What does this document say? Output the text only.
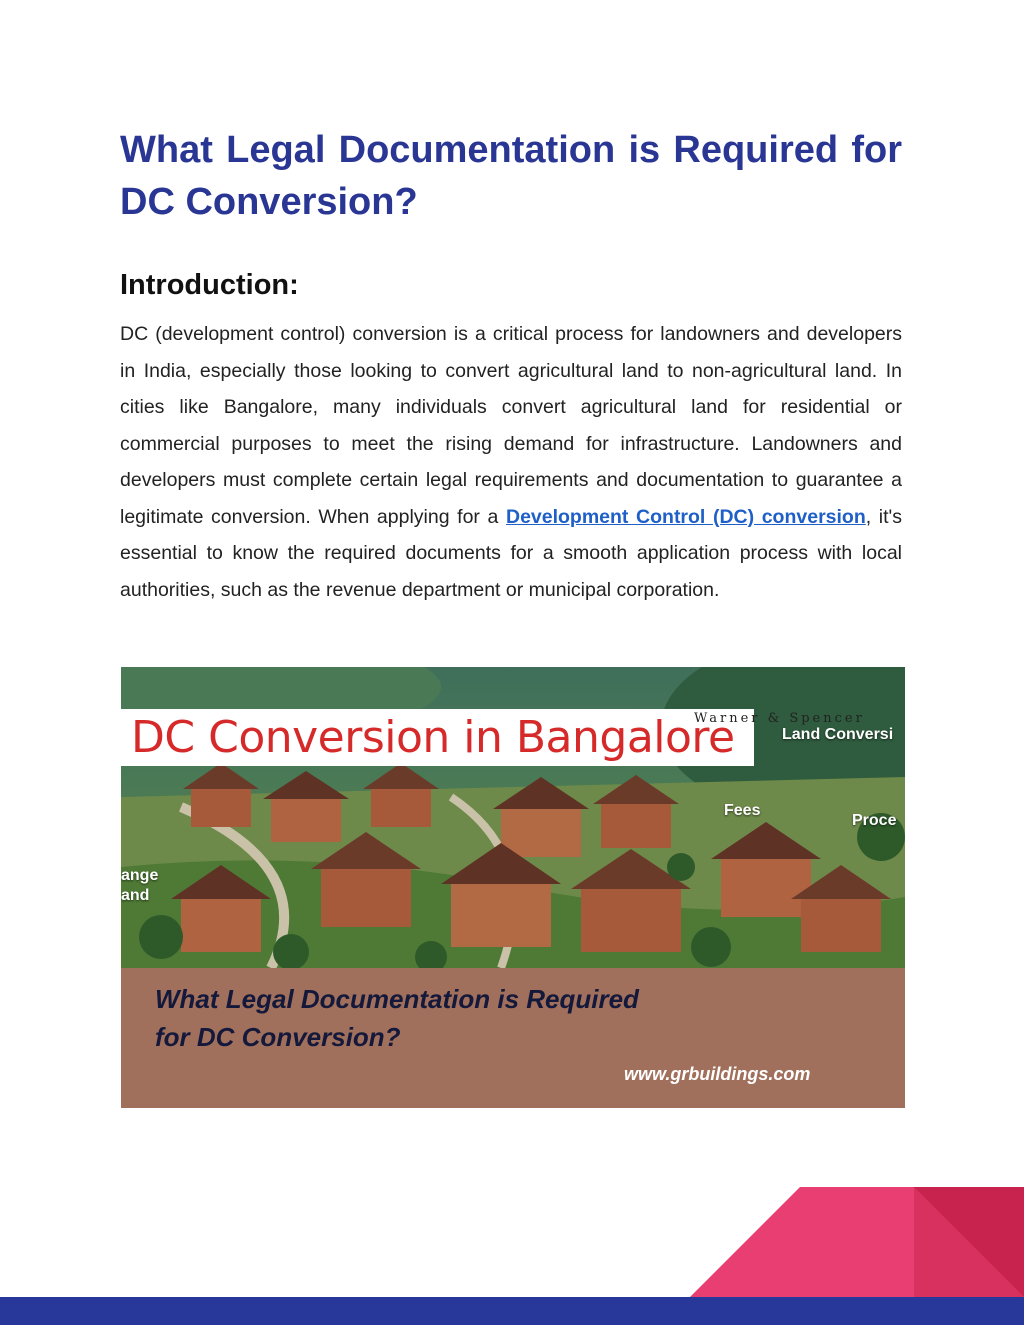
What Legal Documentation is Required for DC Conversion?
Introduction:

DC (development control) conversion is a critical process for landowners and developers in India, especially those looking to convert agricultural land to non-agricultural land. In cities like Bangalore, many individuals convert agricultural land for residential or commercial purposes to meet the rising demand for infrastructure. Landowners and developers must complete certain legal requirements and documentation to guarantee a legitimate conversion. When applying for a Development Control (DC) conversion, it's essential to know the required documents for a smooth application process with local authorities, such as the revenue department or municipal corporation.

DC Conversion in Bangalore
Warner & Spencer
Land Conversi
Fees
Proce
ange
and
What Legal Documentation is Required
for DC Conversion?
www.grbuildings.com
